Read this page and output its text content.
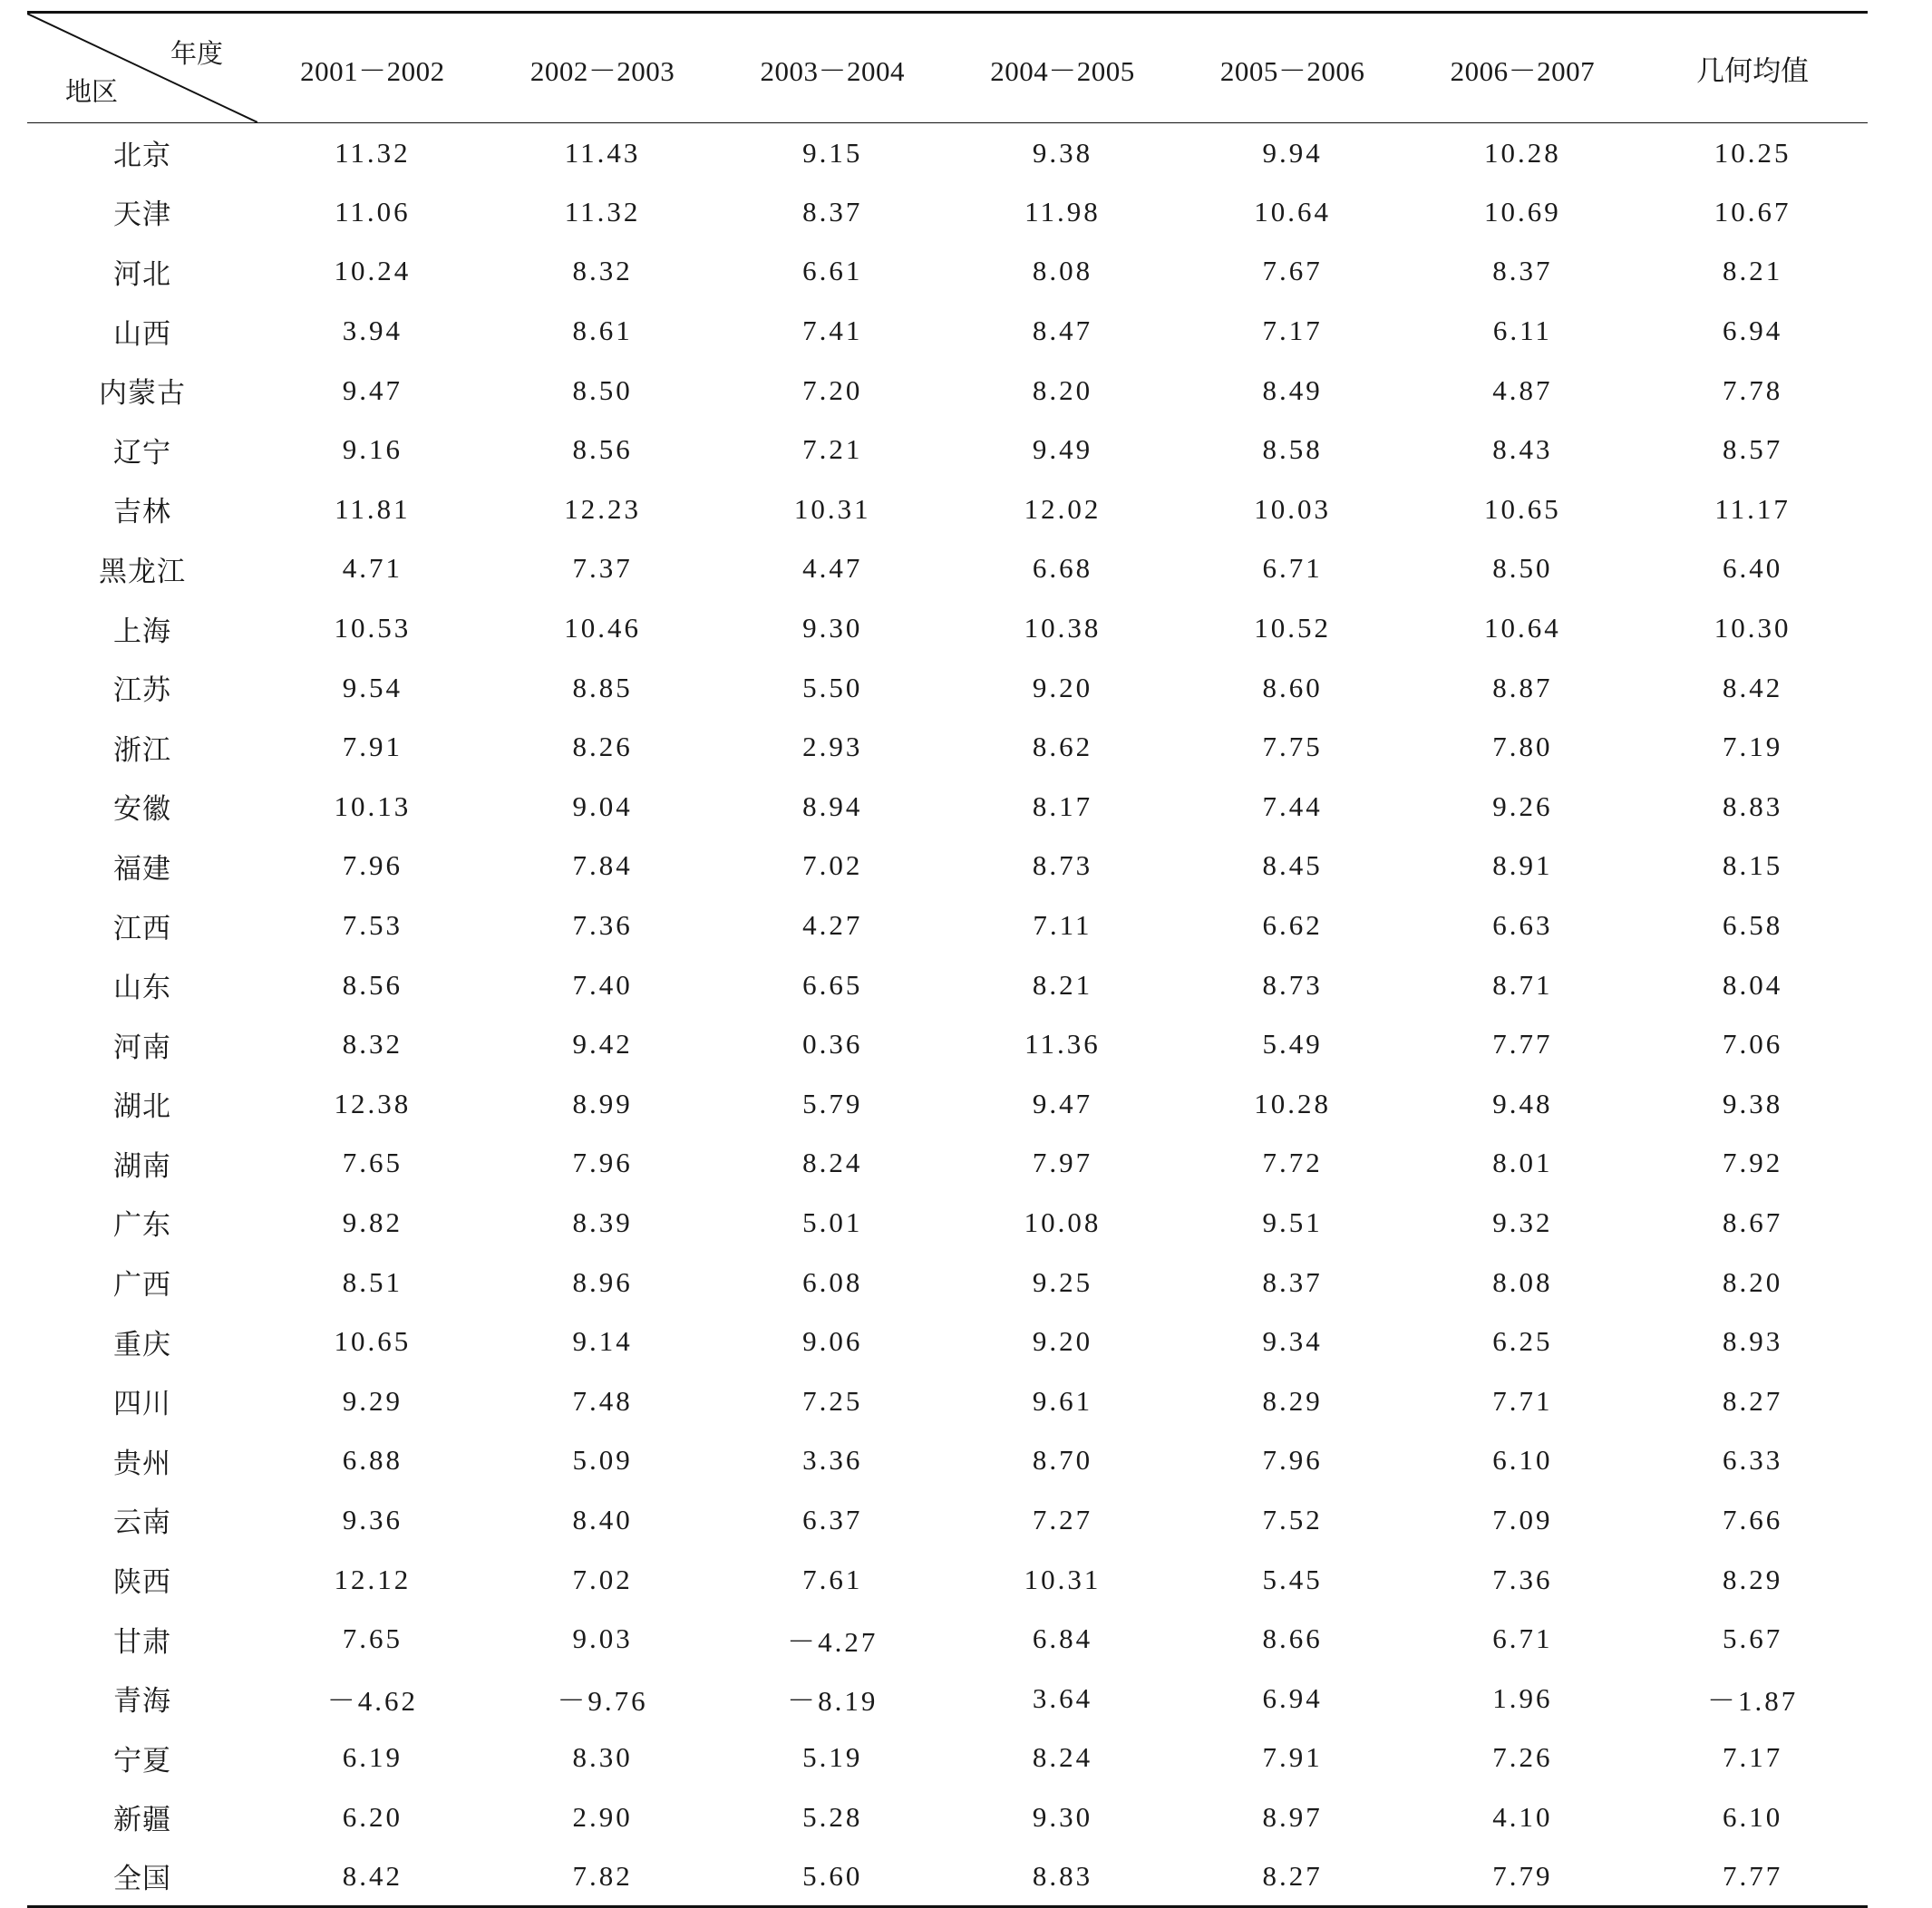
年度
地区	2001－2002	2002－2003	2003－2004	2004－2005	2005－2006	2006－2007	几何均值
北京	11.32	11.43	9.15	9.38	9.94	10.28	10.25
天津	11.06	11.32	8.37	11.98	10.64	10.69	10.67
河北	10.24	8.32	6.61	8.08	7.67	8.37	8.21
山西	3.94	8.61	7.41	8.47	7.17	6.11	6.94
内蒙古	9.47	8.50	7.20	8.20	8.49	4.87	7.78
辽宁	9.16	8.56	7.21	9.49	8.58	8.43	8.57
吉林	11.81	12.23	10.31	12.02	10.03	10.65	11.17
黑龙江	4.71	7.37	4.47	6.68	6.71	8.50	6.40
上海	10.53	10.46	9.30	10.38	10.52	10.64	10.30
江苏	9.54	8.85	5.50	9.20	8.60	8.87	8.42
浙江	7.91	8.26	2.93	8.62	7.75	7.80	7.19
安徽	10.13	9.04	8.94	8.17	7.44	9.26	8.83
福建	7.96	7.84	7.02	8.73	8.45	8.91	8.15
江西	7.53	7.36	4.27	7.11	6.62	6.63	6.58
山东	8.56	7.40	6.65	8.21	8.73	8.71	8.04
河南	8.32	9.42	0.36	11.36	5.49	7.77	7.06
湖北	12.38	8.99	5.79	9.47	10.28	9.48	9.38
湖南	7.65	7.96	8.24	7.97	7.72	8.01	7.92
广东	9.82	8.39	5.01	10.08	9.51	9.32	8.67
广西	8.51	8.96	6.08	9.25	8.37	8.08	8.20
重庆	10.65	9.14	9.06	9.20	9.34	6.25	8.93
四川	9.29	7.48	7.25	9.61	8.29	7.71	8.27
贵州	6.88	5.09	3.36	8.70	7.96	6.10	6.33
云南	9.36	8.40	6.37	7.27	7.52	7.09	7.66
陕西	12.12	7.02	7.61	10.31	5.45	7.36	8.29
甘肃	7.65	9.03	－4.27	6.84	8.66	6.71	5.67
青海	－4.62	－9.76	－8.19	3.64	6.94	1.96	－1.87
宁夏	6.19	8.30	5.19	8.24	7.91	7.26	7.17
新疆	6.20	2.90	5.28	9.30	8.97	4.10	6.10
全国	8.42	7.82	5.60	8.83	8.27	7.79	7.77
